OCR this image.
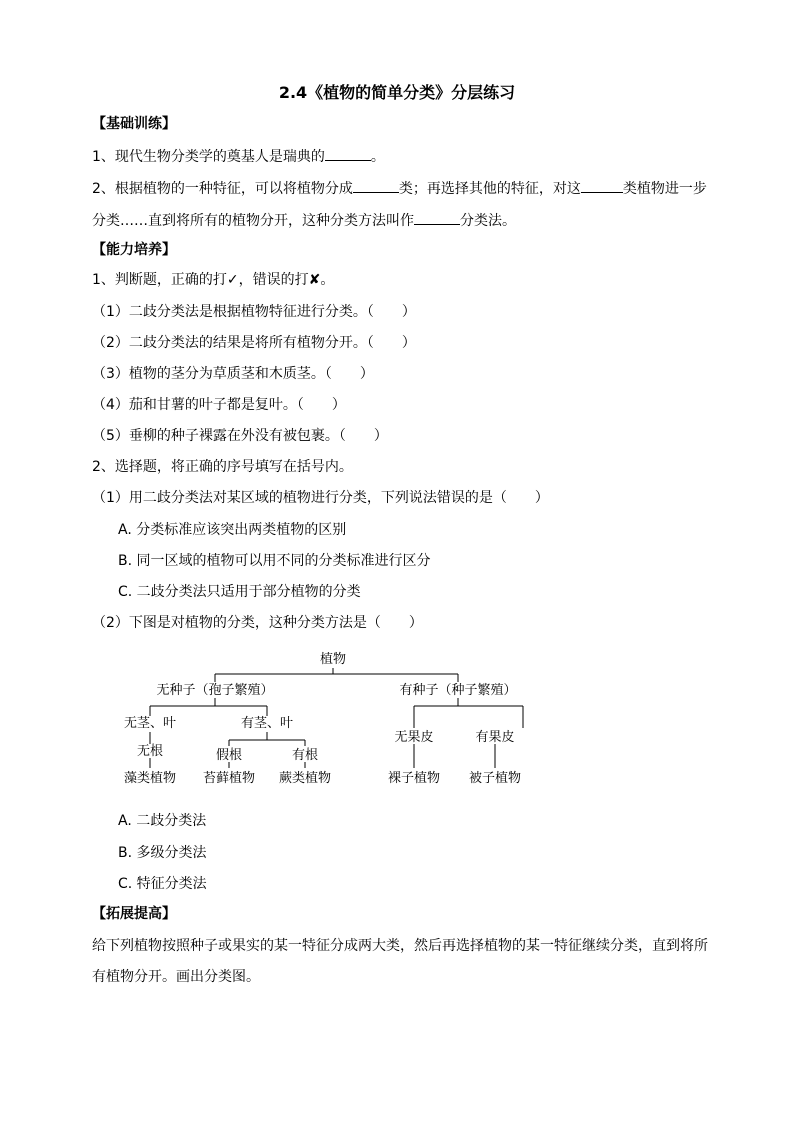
2.4《植物的简单分类》分层练习
【基础训练】
1、现代生物分类学的奠基人是瑞典的	。
2、根据植物的一种特征，可以将植物分成	类；再选择其他的特征，对这	类植物进一步
分类……直到将所有的植物分开，这种分类方法叫作	分类法。
【能力培养】
1、判断题，正确的打✓，错误的打✘。
（1）二歧分类法是根据植物特征进行分类。（　　）
（2）二歧分类法的结果是将所有植物分开。（　　）
（3）植物的茎分为草质茎和木质茎。（　　）
（4）茄和甘薯的叶子都是复叶。（　　）
（5）垂柳的种子裸露在外没有被包裹。（　　）
2、选择题，将正确的序号填写在括号内。
（1）用二歧分类法对某区域的植物进行分类，下列说法错误的是（　　）
A. 分类标准应该突出两类植物的区别
B. 同一区域的植物可以用不同的分类标准进行区分
C. 二歧分类法只适用于部分植物的分类
（2）下图是对植物的分类，这种分类方法是（　　）
植物
无种子（孢子繁殖）	有种子（种子繁殖）
无茎、叶	有茎、叶
无根	假根	有根
藻类植物 苔藓植物 蕨类植物
无果皮	有果皮
裸子植物 被子植物
A. 二歧分类法
B. 多级分类法
C. 特征分类法
【拓展提高】
给下列植物按照种子或果实的某一特征分成两大类，然后再选择植物的某一特征继续分类，直到将所
有植物分开。画出分类图。
